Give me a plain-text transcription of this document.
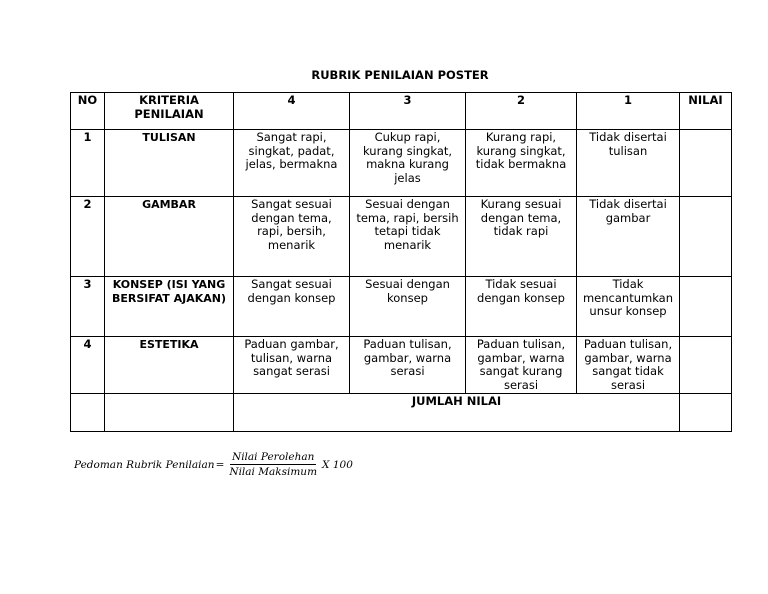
RUBRIK PENILAIAN POSTER
NO	KRITERIA PENILAIAN	4	3	2	1	NILAI
1	TULISAN	Sangat rapi, singkat, padat, jelas, bermakna	Cukup rapi, kurang singkat, makna kurang jelas	Kurang rapi, kurang singkat, tidak bermakna	Tidak disertai tulisan	
2	GAMBAR	Sangat sesuai dengan tema, rapi, bersih, menarik	Sesuai dengan tema, rapi, bersih tetapi tidak menarik	Kurang sesuai dengan tema, tidak rapi	Tidak disertai gambar	
3	KONSEP (ISI YANG BERSIFAT AJAKAN)	Sangat sesuai dengan konsep	Sesuai dengan konsep	Tidak sesuai dengan konsep	Tidak mencantumkan unsur konsep	
4	ESTETIKA	Paduan gambar, tulisan, warna sangat serasi	Paduan tulisan, gambar, warna serasi	Paduan tulisan, gambar, warna sangat kurang serasi	Paduan tulisan, gambar, warna sangat tidak serasi	
		JUMLAH NILAI				
Pedoman Rubrik Penilaian = $\frac{\text{Nilai Perolehan}}{\text{Nilai Maksimum}}$ X 100
